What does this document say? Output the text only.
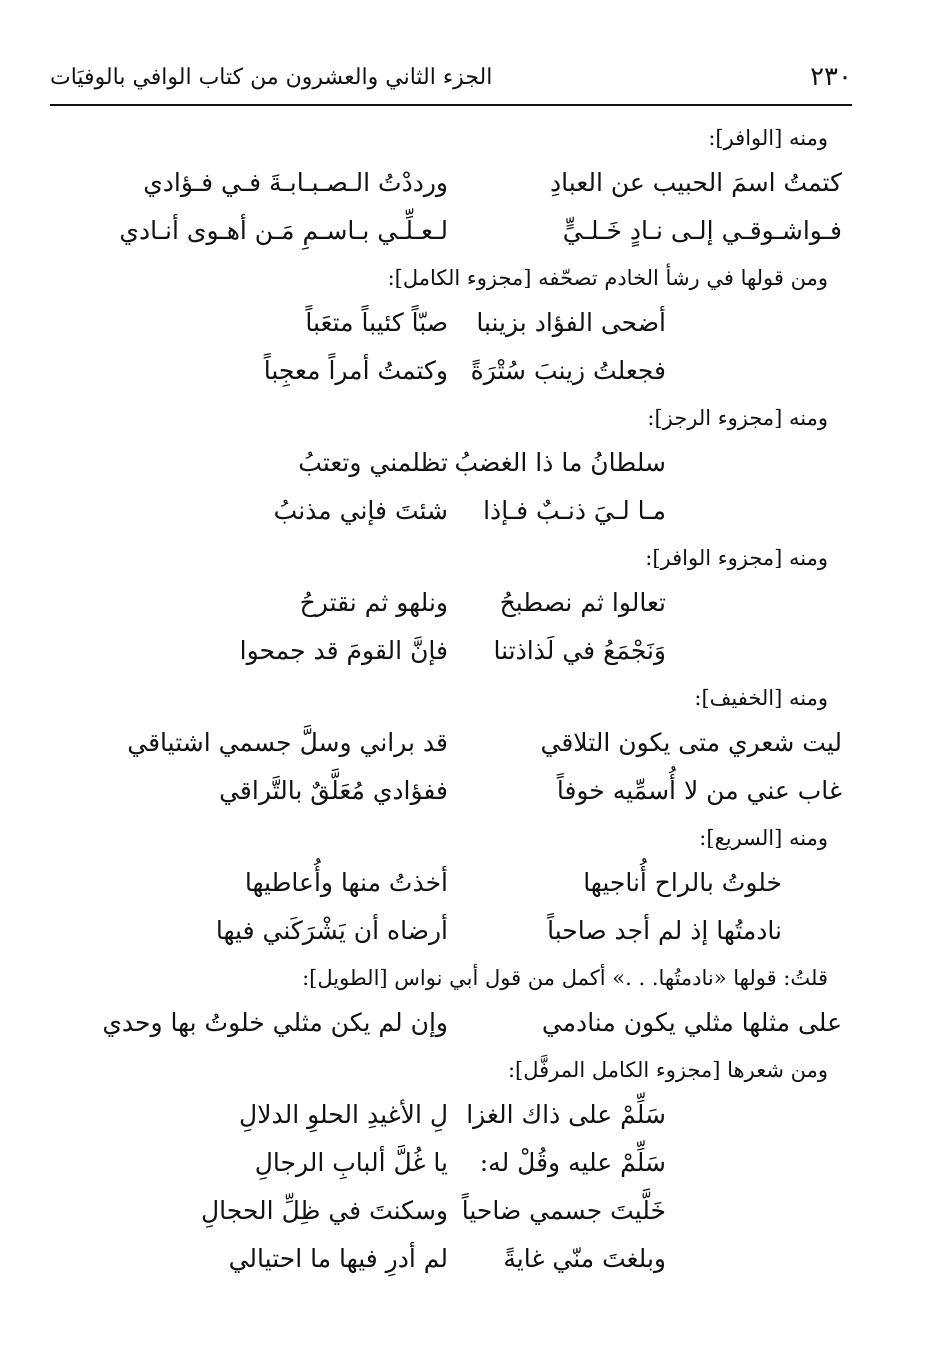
٢٣٠
الجزء الثاني والعشرون من كتاب الوافي بالوفيَات
ومنه [الوافر]:
كتمتُ اسمَ الحبيب عن العبادِ
ورددْتُ الـصـبـابـةَ فـي فـؤادي
فـواشـوقـي إلـى نـادٍ خَـلـيٍّ
لـعـلِّـي بـاسـمِ مَـن أهـوى أنـادي
ومن قولها في رشأ الخادم تصحّفه [مجزوء الكامل]:
أضحى الفؤاد بزينبا
صبّاً كئيباً متعَباً
فجعلتُ زينبَ سُتْرَةً
وكتمتُ أمراً معجِباً
ومنه [مجزوء الرجز]:
سلطانُ ما ذا الغضبُ
تظلمني وتعتبُ
مـا لـيَ ذنـبٌ فـإذا
شئتَ فإني مذنبُ
ومنه [مجزوء الوافر]:
تعالوا ثم نصطبحُ
ونلهو ثم نقترحُ
وَنَجْمَعُ في لَذاذتنا
فإنَّ القومَ قد جمحوا
ومنه [الخفيف]:
ليت شعري متى يكون التلاقي
قد براني وسلَّ جسمي اشتياقي
غاب عني من لا أُسمِّيه خوفاً
ففؤادي مُعَلَّقٌ بالتَّراقي
ومنه [السريع]:
خلوتُ بالراح أُناجيها
أخذتُ منها وأُعاطيها
نادمتُها إذ لم أجد صاحباً
أرضاه أن يَشْرَكَني فيها
قلتُ: قولها «نادمتُها. . .» أكمل من قول أبي نواس [الطويل]:
على مثلها مثلي يكون منادمي
وإن لم يكن مثلي خلوتُ بها وحدي
ومن شعرها [مجزوء الكامل المرفَّل]:
سَلِّمْ على ذاك الغزا
لِ الأغيدِ الحلوِ الدلالِ
سَلِّمْ عليه وقُلْ له:
يا غُلَّ ألبابِ الرجالِ
خَلَّيتَ جسمي ضاحياً
وسكنتَ في ظِلِّ الحجالِ
وبلغتَ منّي غايةً
لم أدرِ فيها ما احتيالي
